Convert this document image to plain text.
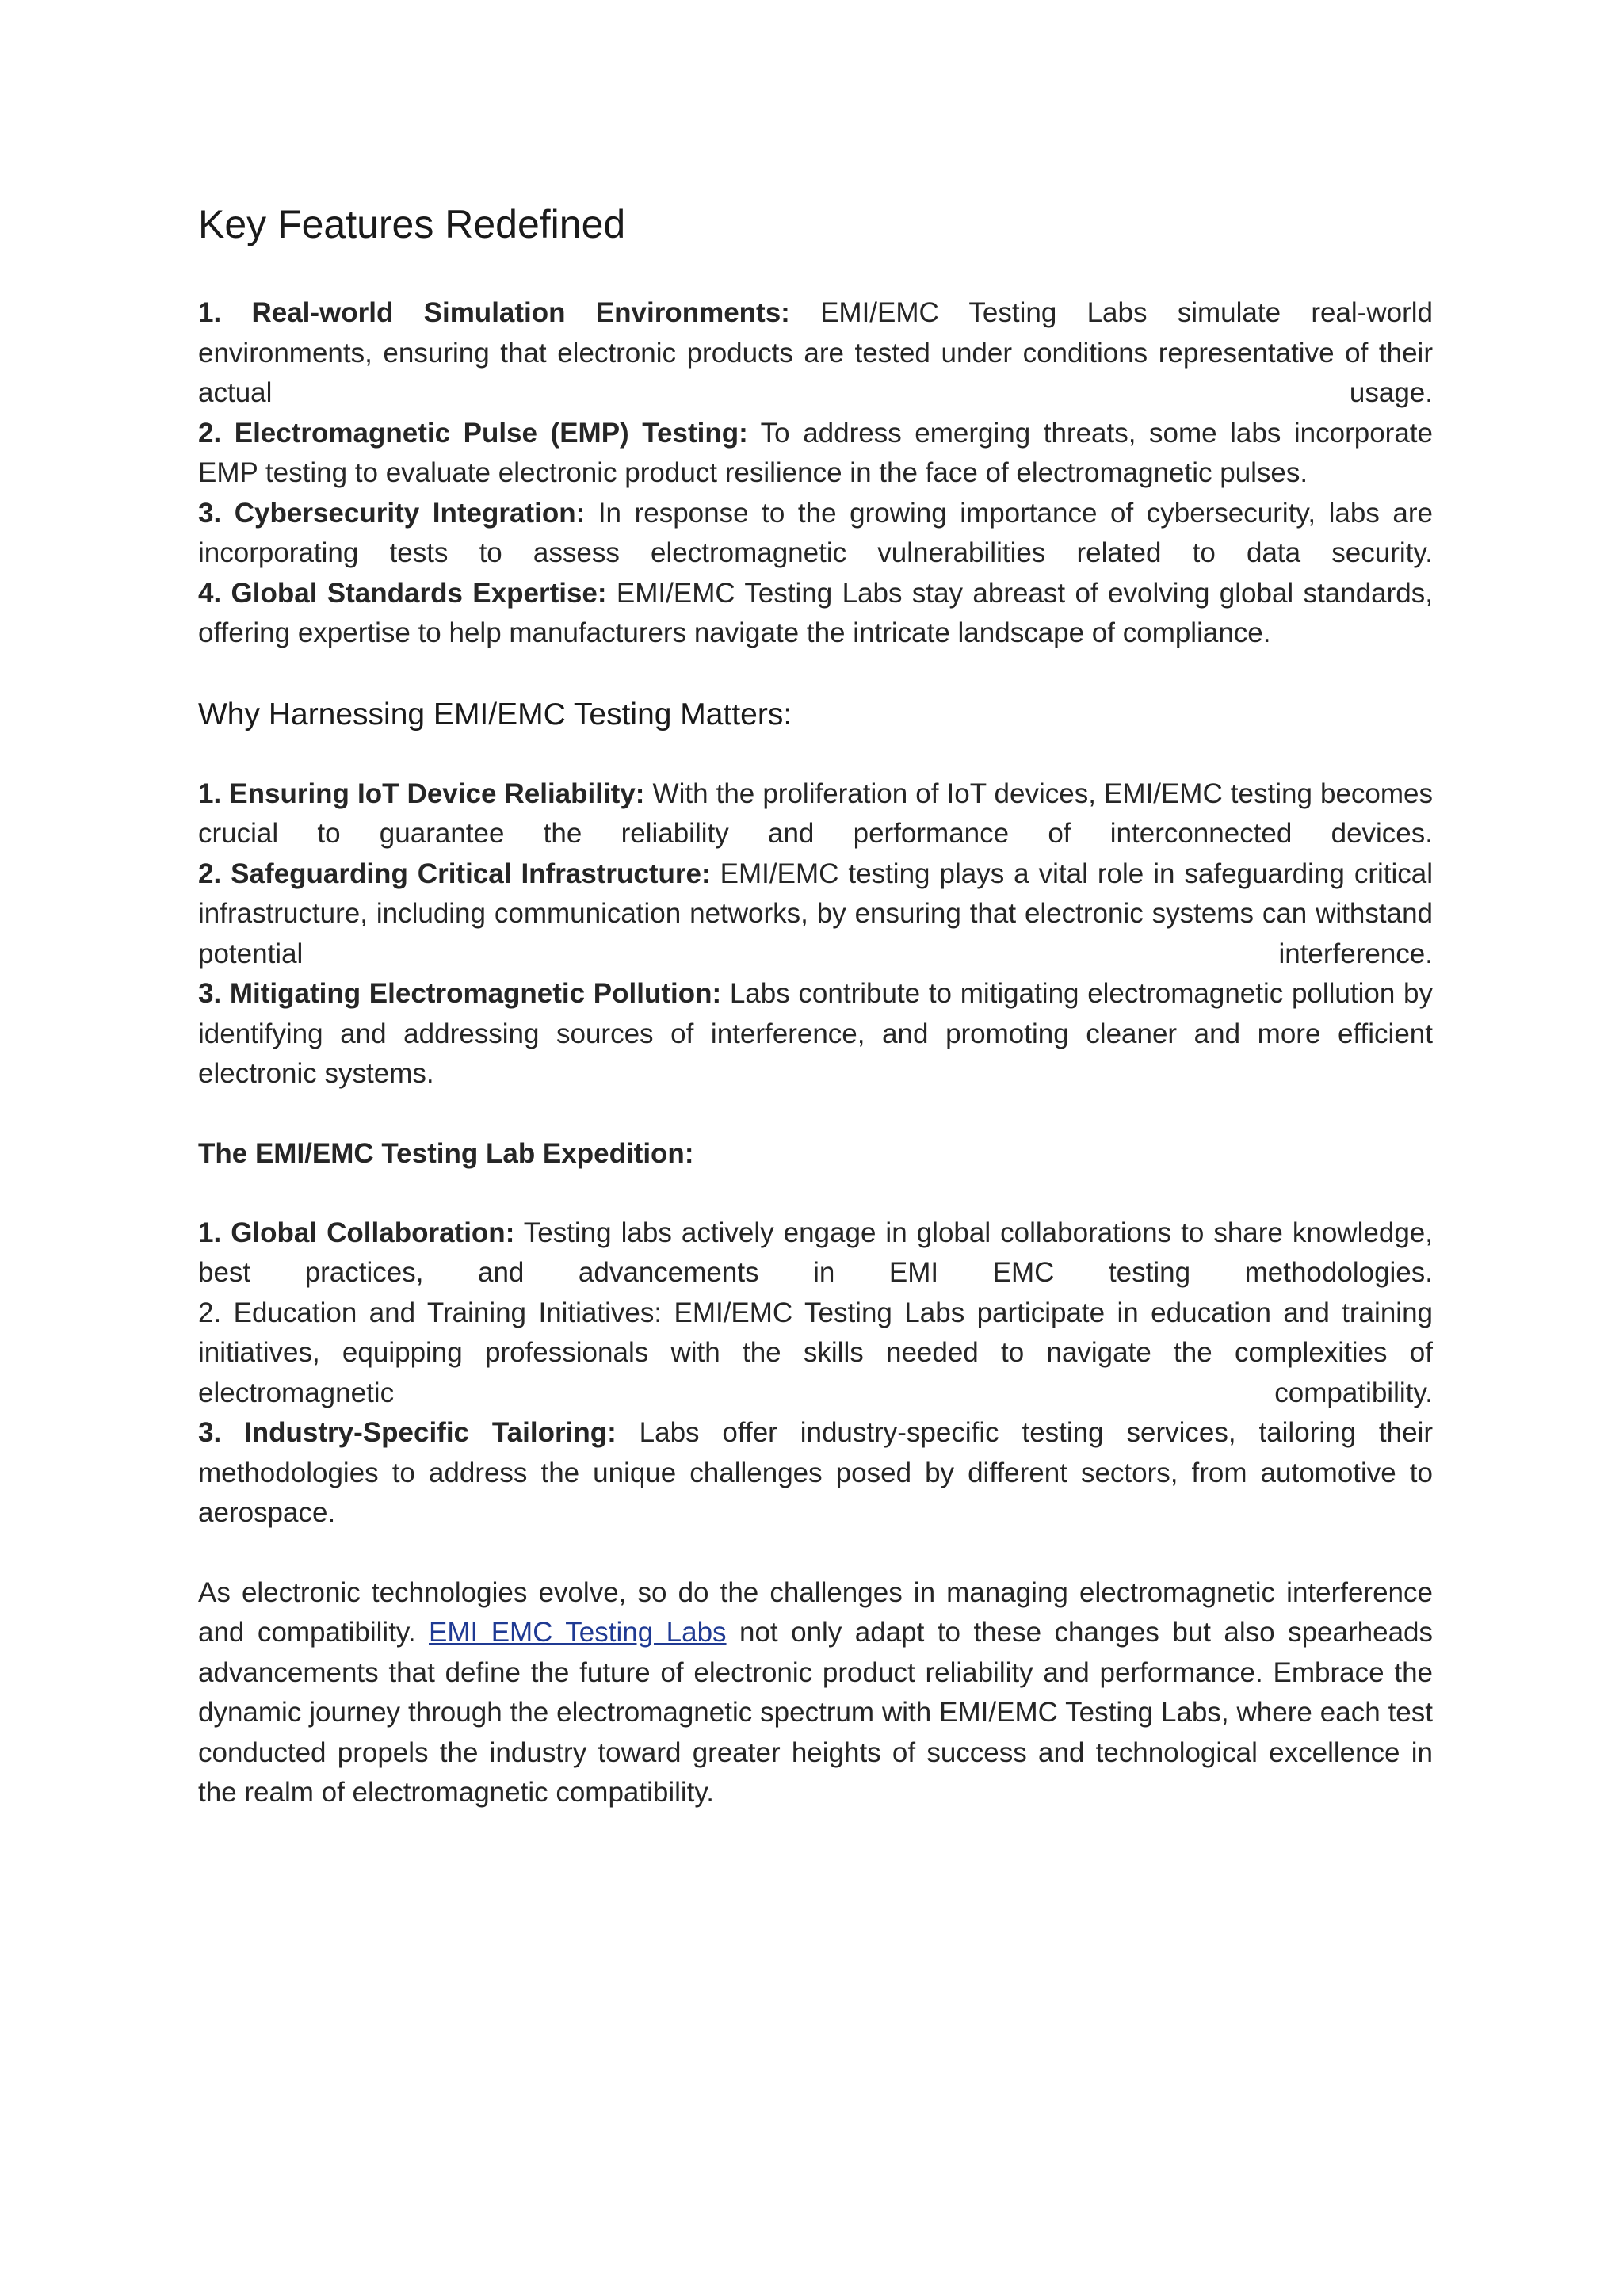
Key Features Redefined

1. Real-world Simulation Environments: EMI/EMC Testing Labs simulate real-world environments, ensuring that electronic products are tested under conditions representative of their actual usage.

2. Electromagnetic Pulse (EMP) Testing: To address emerging threats, some labs incorporate EMP testing to evaluate electronic product resilience in the face of electromagnetic pulses.

3. Cybersecurity Integration: In response to the growing importance of cybersecurity, labs are incorporating tests to assess electromagnetic vulnerabilities related to data security.

4. Global Standards Expertise: EMI/EMC Testing Labs stay abreast of evolving global standards, offering expertise to help manufacturers navigate the intricate landscape of compliance.

Why Harnessing EMI/EMC Testing Matters:

1. Ensuring IoT Device Reliability: With the proliferation of IoT devices, EMI/EMC testing becomes crucial to guarantee the reliability and performance of interconnected devices.

2. Safeguarding Critical Infrastructure: EMI/EMC testing plays a vital role in safeguarding critical infrastructure, including communication networks, by ensuring that electronic systems can withstand potential interference.

3. Mitigating Electromagnetic Pollution: Labs contribute to mitigating electromagnetic pollution by identifying and addressing sources of interference, and promoting cleaner and more efficient electronic systems.

The EMI/EMC Testing Lab Expedition:

1. Global Collaboration: Testing labs actively engage in global collaborations to share knowledge, best practices, and advancements in EMI EMC testing methodologies.

2. Education and Training Initiatives: EMI/EMC Testing Labs participate in education and training initiatives, equipping professionals with the skills needed to navigate the complexities of electromagnetic compatibility.

3. Industry-Specific Tailoring: Labs offer industry-specific testing services, tailoring their methodologies to address the unique challenges posed by different sectors, from automotive to aerospace.

As electronic technologies evolve, so do the challenges in managing electromagnetic interference and compatibility. EMI EMC Testing Labs not only adapt to these changes but also spearheads advancements that define the future of electronic product reliability and performance. Embrace the dynamic journey through the electromagnetic spectrum with EMI/EMC Testing Labs, where each test conducted propels the industry toward greater heights of success and technological excellence in the realm of electromagnetic compatibility.
